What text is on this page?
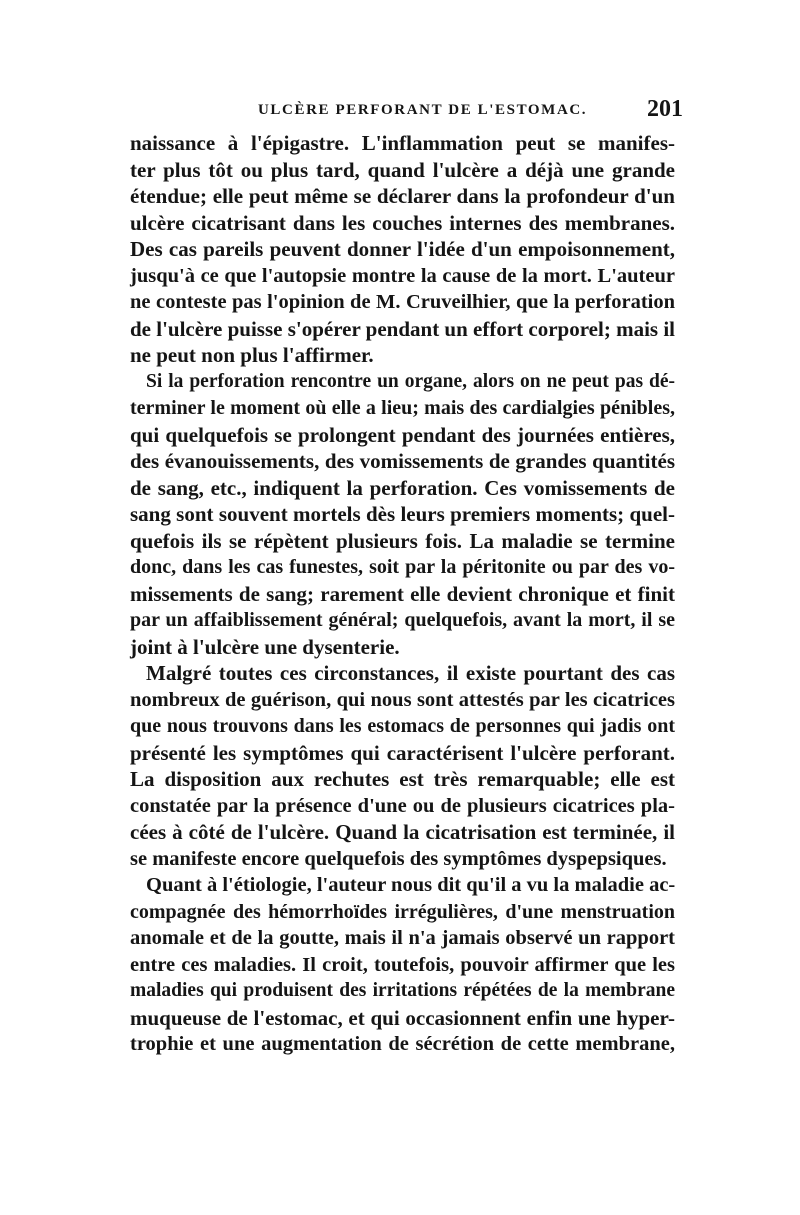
ULCÈRE PERFORANT DE L'ESTOMAC. 201
naissance à l'épigastre. L'inflammation peut se manifes-
ter plus tôt ou plus tard, quand l'ulcère a déjà une grande
étendue; elle peut même se déclarer dans la profondeur d'un
ulcère cicatrisant dans les couches internes des membranes.
Des cas pareils peuvent donner l'idée d'un empoisonnement,
jusqu'à ce que l'autopsie montre la cause de la mort. L'auteur
ne conteste pas l'opinion de M. Cruveilhier, que la perforation
de l'ulcère puisse s'opérer pendant un effort corporel; mais il
ne peut non plus l'affirmer.
Si la perforation rencontre un organe, alors on ne peut pas dé-
terminer le moment où elle a lieu; mais des cardialgies pénibles,
qui quelquefois se prolongent pendant des journées entières,
des évanouissements, des vomissements de grandes quantités
de sang, etc., indiquent la perforation. Ces vomissements de
sang sont souvent mortels dès leurs premiers moments; quel-
quefois ils se répètent plusieurs fois. La maladie se termine
donc, dans les cas funestes, soit par la péritonite ou par des vo-
missements de sang; rarement elle devient chronique et finit
par un affaiblissement général; quelquefois, avant la mort, il se
joint à l'ulcère une dysenterie.
Malgré toutes ces circonstances, il existe pourtant des cas
nombreux de guérison, qui nous sont attestés par les cicatrices
que nous trouvons dans les estomacs de personnes qui jadis ont
présenté les symptômes qui caractérisent l'ulcère perforant.
La disposition aux rechutes est très remarquable; elle est
constatée par la présence d'une ou de plusieurs cicatrices pla-
cées à côté de l'ulcère. Quand la cicatrisation est terminée, il
se manifeste encore quelquefois des symptômes dyspepsiques.
Quant à l'étiologie, l'auteur nous dit qu'il a vu la maladie ac-
compagnée des hémorrhoïdes irrégulières, d'une menstruation
anomale et de la goutte, mais il n'a jamais observé un rapport
entre ces maladies. Il croit, toutefois, pouvoir affirmer que les
maladies qui produisent des irritations répétées de la membrane
muqueuse de l'estomac, et qui occasionnent enfin une hyper-
trophie et une augmentation de sécrétion de cette membrane,
